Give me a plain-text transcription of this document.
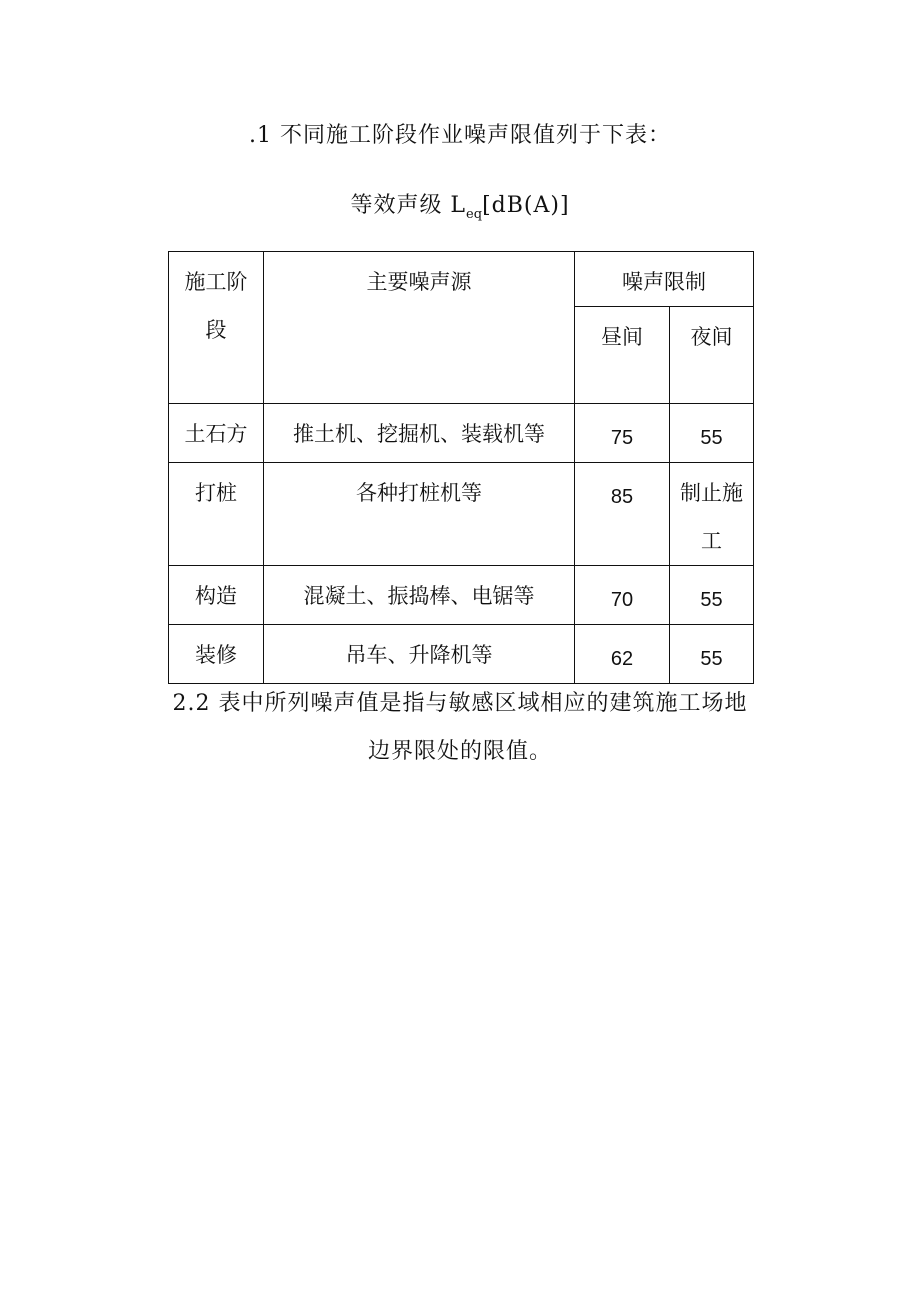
.1 不同施工阶段作业噪声限值列于下表：
等效声级 $L_{eq}[dB(A)]$
施工阶段	主要噪声源	噪声限制	
		昼间	夜间
土石方	推土机、挖掘机、装载机等	75	55
打桩	各种打桩机等	85	制止施工
构造	混凝土、振捣棒、电锯等	70	55
装修	吊车、升降机等	62	55
2.2 表中所列噪声值是指与敏感区域相应的建筑施工场地
边界限处的限值。
